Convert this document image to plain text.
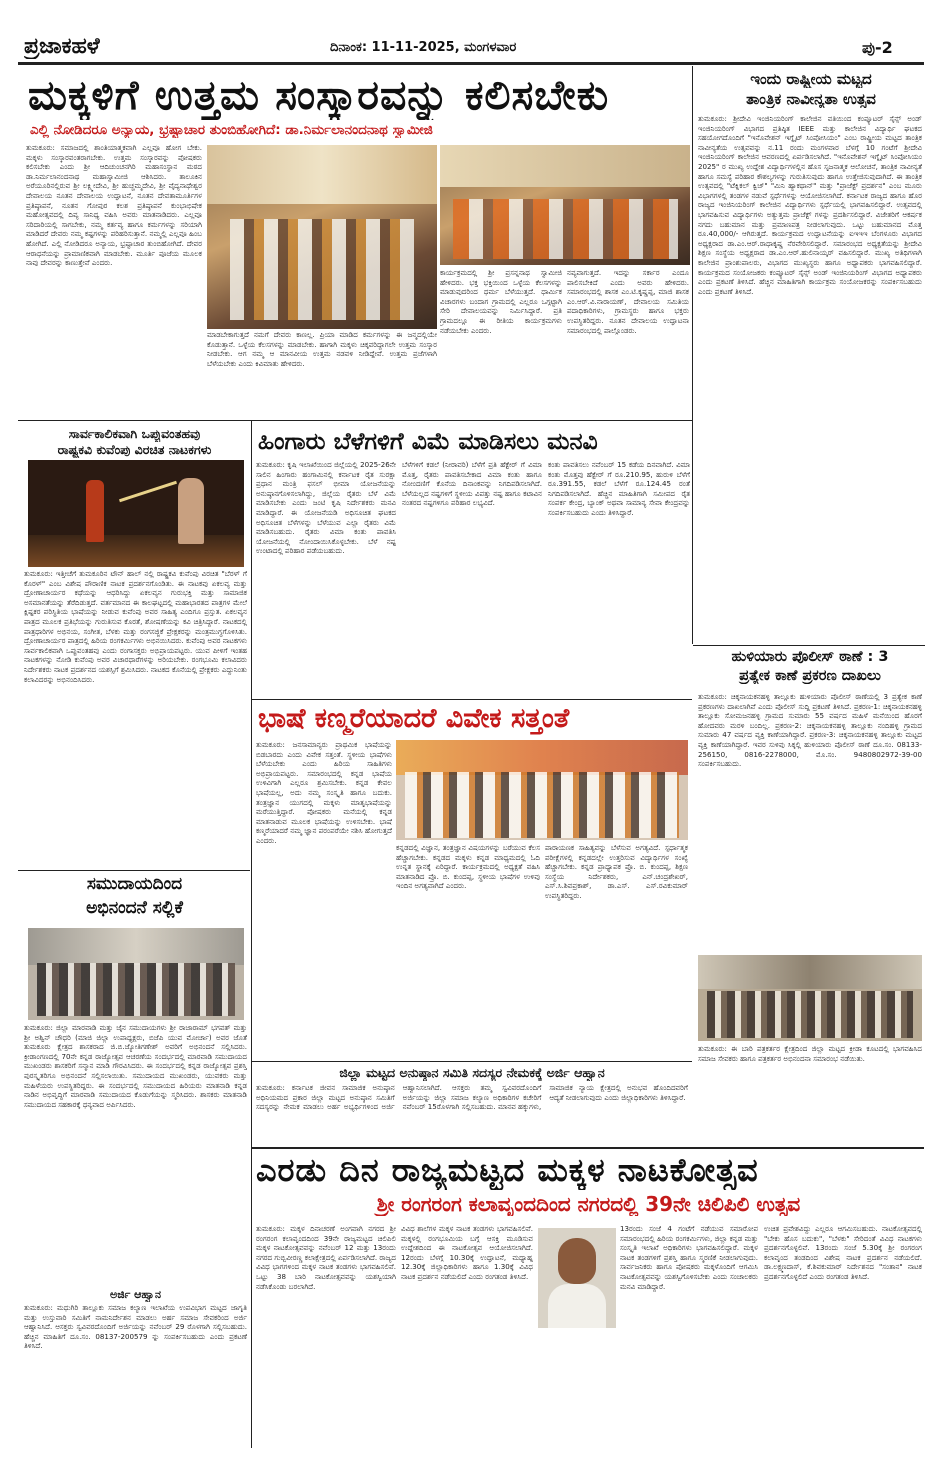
ಪ್ರಜಾಕಹಳೆ	ದಿನಾಂಕ: 11-11-2025, ಮಂಗಳವಾರ	ಪು-2
ಮಕ್ಕಳಿಗೆ ಉತ್ತಮ ಸಂಸ್ಕಾರವನ್ನು ಕಲಿಸಬೇಕು
ಎಲ್ಲಿ ನೋಡಿದರೂ ಅನ್ಯಾಯ, ಭ್ರಷ್ಟಾಚಾರ ತುಂಬಿಹೋಗಿದೆ: ಡಾ.ನಿರ್ಮಲಾನಂದನಾಥ ಸ್ವಾಮೀಜಿ
ತುಮಕೂರು: ಸಮಾಜದಲ್ಲಿ ಶಾಂತಿಯಾತ್ಮಕವಾಗಿ ಎಲ್ಲವೂ ಹೋಗ ಬೇಕು. ಮಕ್ಕಳು ಸಂಸ್ಕಾರವಂತರಾಗಬೇಕು. ಉತ್ತಮ ಸಂಸ್ಕಾರವನ್ನು ಪೋಷಕರು ಕಲಿಸಬೇಕು ಎಂದು ಶ್ರೀ ಆದಿಚುಂಚನಗಿರಿ ಮಹಾಸಂಸ್ಥಾನ ಮಠದ ಡಾ.ನಿರ್ಮಲಾನಂದನಾಥ ಮಹಾಸ್ವಾಮೀಜಿ ಆಶಿಸಿದರು. ತಾಲೂಕಿನ ಅರೆಯೂರಿನಲ್ಲಿರುವ ಶ್ರೀ ಲಕ್ಷ್ಮೀದೇವಿ, ಶ್ರೀ ಹುಚ್ಚಮ್ಮದೇವಿ, ಶ್ರೀ ವೈದ್ಯನಾಥೇಶ್ವರ ದೇವಾಲಯ ನೂತನ ದೇವಾಲಯ ಉದ್ಘಾಟನೆ, ನೂತನ ದೇವತಾಮೂರ್ತಿಗಳ ಪ್ರತಿಷ್ಠಾಪನೆ, ನೂತನ ಗೋಪುರ ಕಲಶ ಪ್ರತಿಷ್ಠಾಪನೆ ಕುಂಭಾಭಿಷೇಕ ಮಹೋತ್ಸವದಲ್ಲಿ ದಿವ್ಯ ಸಾನಿಧ್ಯ ವಹಿಸಿ ಅವರು ಮಾತನಾಡಿದರು. ಎಲ್ಲವೂ ಸರಿದಾರಿಯಲ್ಲಿ ಸಾಗಬೇಕು, ನಮ್ಮ ಕರ್ತವ್ಯ ಹಾಗೂ ಕರ್ಮಗಳನ್ನು ಸರಿಯಾಗಿ ಮಾಡಿದರೆ ದೇವರು ನಮ್ಮ ಕಷ್ಟಗಳನ್ನು ಪರಿಹರಿಸುತ್ತಾನೆ. ನಮ್ಮಲ್ಲಿ ಎಲ್ಲವೂ ಹಿಂಬ ಹೋಗಿದೆ. ಎಲ್ಲಿ ನೋಡಿದರೂ ಅನ್ಯಾಯ, ಭ್ರಷ್ಟಾಚಾರ ತುಂಬಿಹೋಗಿದೆ. ದೇವರ ಆರಾಧನೆಯನ್ನು ಪ್ರಾಮಾಣಿಕವಾಗಿ ಮಾಡಬೇಕು. ಮೂರ್ತಿ ಪೂಜೆಯ ಮೂಲಕ ನಾವು ದೇವರನ್ನು ಕಾಣುತ್ತೇವೆ ಎಂದರು.
ಮಾಡಬೇಕಾಗುತ್ತದೆ ನಮಗೆ ದೇವರು ಕಾಣಲ್ಲ. ಪ್ರಿಯಾ ಮಾಡಿದ ಕರ್ಮಗಳನ್ನು ಈ ಜನ್ಮದಲ್ಲಿಯೇ ಕೊಡುತ್ತಾನೆ. ಒಳ್ಳೆಯ ಕೆಲಸಗಳನ್ನು ಮಾಡಬೇಕು. ಹಾಗಾಗಿ ಮಕ್ಕಳು ಚಿಕ್ಕವರಿದ್ದಾಗಲೇ ಉತ್ತಮ ಸಂಸ್ಕಾರ ನೀಡಬೇಕು. ಆಗ ನಮ್ಮ ಆ ಮಾನವೀಯ ಉತ್ತಮ ನಡವಳಿ ನೀಡಿದ್ದೇವೆ. ಉತ್ತಮ ಪ್ರಜೆಗಳಾಗಿ ಬೆಳೆಯಬೇಕು ಎಂದು ಕಿವಿಮಾತು ಹೇಳಿದರು.
ಕಾರ್ಯಕ್ರಮದಲ್ಲಿ ಶ್ರೀ ಪ್ರಸನ್ನನಾಥ ಸ್ವಾಮೀಜಿ ಹೇಳಿದರು. ಭಕ್ತ ಭಕ್ತಿಯಿಂದ ಒಳ್ಳೆಯ ಕೆಲಸಗಳನ್ನು ಮಾಡುವುದರಿಂದ ಧರ್ಮ ಬೆಳೆಯುತ್ತದೆ. ಧಾರ್ಮಿಕ ವಿಚಾರಗಳು ಬಂದಾಗ ಗ್ರಾಮದಲ್ಲಿ ಎಲ್ಲರೂ ಒಗ್ಗಟ್ಟಾಗಿ ಸೇರಿ ದೇವಾಲಯವನ್ನು ನಿರ್ಮಿಸಿದ್ದಾರೆ. ಪ್ರತಿ ಗ್ರಾಮದಲ್ಲೂ ಈ ರೀತಿಯ ಕಾರ್ಯಕ್ರಮಗಳು ನಡೆಯಬೇಕು ಎಂದರು.
ನವ್ಯವಾಗುತ್ತದೆ. ಇದನ್ನು ಸರ್ಕಾರ ಎಂದೂ ಪಾಲಿಸಬೇಕಿದೆ ಎಂದು ಅವರು ಹೇಳಿದರು. ಸಮಾರಂಭದಲ್ಲಿ ಶಾಸಕ ಎಂ.ಟಿ.ಕೃಷ್ಣಪ್ಪ, ಮಾಜಿ ಶಾಸಕ ಎಂ.ಆರ್.ವಿ.ನಾರಾಯಣ್, ದೇವಾಲಯ ಸಮಿತಿಯ ಪದಾಧಿಕಾರಿಗಳು, ಗ್ರಾಮಸ್ಥರು ಹಾಗೂ ಭಕ್ತರು ಉಪಸ್ಥಿತರಿದ್ದರು. ನೂತನ ದೇವಾಲಯ ಉದ್ಘಾಟನಾ ಸಮಾರಂಭದಲ್ಲಿ ಪಾಲ್ಗೊಂಡರು.
ಇಂದು ರಾಷ್ಟ್ರೀಯ ಮಟ್ಟದ
ತಾಂತ್ರಿಕ ನಾವೀನ್ಯತಾ ಉತ್ಸವ
ತುಮಕೂರು: ಶ್ರೀದೇವಿ ಇಂಜಿನಿಯರಿಂಗ್ ಕಾಲೇಜಿನ ವತಿಯಿಂದ ಕಂಪ್ಯೂಟರ್ ಸೈನ್ಸ್ ಅಂಡ್ ಇಂಜಿನಿಯರಿಂಗ್ ವಿಭಾಗದ ಪ್ರತಿಷ್ಠಿತ IEEE ಮತ್ತು ಕಾಲೇಜಿನ ವಿದ್ಯಾರ್ಥಿ ಘಟಕದ ಸಹಯೋಗದೊಂದಿಗೆ "ಇನೊವೇಶನ್ ಇಗ್ನೈಟ್ ಸಿಂಪೋಸಿಯಂ" ಎಂಬ ರಾಷ್ಟ್ರೀಯ ಮಟ್ಟದ ತಾಂತ್ರಿಕ ನಾವೀನ್ಯತೆಯ ಉತ್ಸವವನ್ನು ನ.11 ರಂದು ಮಂಗಳವಾರ ಬೆಳಗ್ಗೆ 10 ಗಂಟೆಗೆ ಶ್ರೀದೇವಿ ಇಂಜಿನಿಯರಿಂಗ್ ಕಾಲೇಜಿನ ಆವರಣದಲ್ಲಿ ಏರ್ಪಡಿಸಲಾಗಿದೆ. "ಇನೊವೇಶನ್ ಇಗ್ನೈಟ್ ಸಿಂಪೋಸಿಯಂ 2025" ರ ಮುಖ್ಯ ಉದ್ದೇಶ ವಿದ್ಯಾರ್ಥಿಗಳಲ್ಲಿನ ಹೊಸ ಸೃಜನಾತ್ಮಕ ಆಲೋಚನೆ, ತಾಂತ್ರಿಕ ನಾವೀನ್ಯತೆ ಹಾಗೂ ಸಮಸ್ಯೆ ಪರಿಹಾರ ಕೌಶಲ್ಯಗಳನ್ನು ಗುರುತಿಸುವುದು ಹಾಗೂ ಉತ್ತೇಜಿಸುವುದಾಗಿದೆ. ಈ ತಾಂತ್ರಿಕ ಉತ್ಸವದಲ್ಲಿ "ಟೆಕ್ನಿಕಲ್ ಕ್ವಿಜ್" "ಮಿನಿ ಹ್ಯಾಕಥಾನ್" ಮತ್ತು "ಪ್ರಾಜೆಕ್ಟ್ ಪ್ರದರ್ಶನ" ಎಂಬ ಮೂರು ವಿಭಾಗಗಳಲ್ಲಿ ತಂಡಗಳ ನಡುವೆ ಸ್ಪರ್ಧೆಗಳನ್ನು ಆಯೋಜಿಸಲಾಗಿದೆ. ಕರ್ನಾಟಕ ರಾಜ್ಯದ ಹಾಗೂ ಹೊರ ರಾಜ್ಯದ ಇಂಜಿನಿಯರಿಂಗ್ ಕಾಲೇಜಿನ ವಿದ್ಯಾರ್ಥಿಗಳು ಸ್ಪರ್ಧೆಯಲ್ಲಿ ಭಾಗವಹಿಸಲಿದ್ದಾರೆ. ಉತ್ಸವದಲ್ಲಿ ಭಾಗವಹಿಸುವ ವಿದ್ಯಾರ್ಥಿಗಳು ಅತ್ಯುತ್ತಮ ಪ್ರಾಜೆಕ್ಟ್ ಗಳನ್ನು ಪ್ರದರ್ಶಿಸಲಿದ್ದಾರೆ. ವಿಜೇತರಿಗೆ ಆಕರ್ಷಕ ನಗದು ಬಹುಮಾನ ಮತ್ತು ಪ್ರಮಾಣಪತ್ರ ನೀಡಲಾಗುವುದು. ಒಟ್ಟು ಬಹುಮಾನದ ಮೊತ್ತ ರೂ.40,000/- ಆಗಿರುತ್ತದೆ. ಕಾರ್ಯಕ್ರಮದ ಉದ್ಘಾಟನೆಯನ್ನು ಐಇಇಇ ಬೆಂಗಳೂರು ವಿಭಾಗದ ಅಧ್ಯಕ್ಷರಾದ ಡಾ.ಎಂ.ಆರ್.ರಾಧಾಕೃಷ್ಣ ನೆರವೇರಿಸಲಿದ್ದಾರೆ. ಸಮಾರಂಭದ ಅಧ್ಯಕ್ಷತೆಯನ್ನು ಶ್ರೀದೇವಿ ಶಿಕ್ಷಣ ಸಂಸ್ಥೆಯ ಅಧ್ಯಕ್ಷರಾದ ಡಾ.ಎಂ.ಆರ್.ಹುಲಿನಾಯ್ಕರ್ ವಹಿಸಲಿದ್ದಾರೆ. ಮುಖ್ಯ ಅತಿಥಿಗಳಾಗಿ ಕಾಲೇಜಿನ ಪ್ರಾಂಶುಪಾಲರು, ವಿಭಾಗದ ಮುಖ್ಯಸ್ಥರು ಹಾಗೂ ಅಧ್ಯಾಪಕರು ಭಾಗವಹಿಸಲಿದ್ದಾರೆ. ಕಾರ್ಯಕ್ರಮದ ಸಂಯೋಜಕರು ಕಂಪ್ಯೂಟರ್ ಸೈನ್ಸ್ ಅಂಡ್ ಇಂಜಿನಿಯರಿಂಗ್ ವಿಭಾಗದ ಅಧ್ಯಾಪಕರು ಎಂದು ಪ್ರಕಟಣೆ ತಿಳಿಸಿದೆ. ಹೆಚ್ಚಿನ ಮಾಹಿತಿಗಾಗಿ ಕಾರ್ಯಕ್ರಮ ಸಂಯೋಜಕರನ್ನು ಸಂಪರ್ಕಿಸಬಹುದು ಎಂದು ಪ್ರಕಟಣೆ ತಿಳಿಸಿದೆ.
ಸಾರ್ವಕಾಲಿಕವಾಗಿ ಒಪ್ಪುವಂತಹವು
ರಾಷ್ಟ್ರಕವಿ ಕುವೆಂಪು ವಿರಚಿತ ನಾಟಕಗಳು
ತುಮಕೂರು: ಇತ್ತೀಚೆಗೆ ತುಮಕೂರಿನ ಟೌನ್ ಹಾಲ್ ನಲ್ಲಿ ರಾಷ್ಟ್ರಕವಿ ಕುವೆಂಪು ವಿರಚಿತ "ಬೆರಳ್ ಗೆ ಕೊರಳ್" ಎಂಬ ವಿಶೇಷ ಪೌರಾಣಿಕ ನಾಟಕ ಪ್ರದರ್ಶನಗೊಂಡಿತು. ಈ ನಾಟಕವು ಏಕಲವ್ಯ ಮತ್ತು ದ್ರೋಣಾಚಾರ್ಯರ ಕಥೆಯನ್ನು ಆಧರಿಸಿದ್ದು ಏಕಲವ್ಯನ ಗುರುಭಕ್ತಿ ಮತ್ತು ಸಾಮಾಜಿಕ ಅಸಮಾನತೆಯನ್ನು ತೆರೆದಿಡುತ್ತದೆ. ವರ್ತಮಾನದ ಈ ಕಾಲಘಟ್ಟದಲ್ಲಿ ಮಹಾಭಾರತದ ಪಾತ್ರಗಳ ಮೇಲೆ ಕ್ಲಿಷ್ಟಕರ ಪರಿಸ್ಥಿತಿಯ ಭಾಷೆಯನ್ನು ನೀಡುವ ಕುವೆಂಪು ಅವರ ಸಾಹಿತ್ಯ ಎಂದಿಗೂ ಪ್ರಸ್ತುತ. ಏಕಲವ್ಯನ ಪಾತ್ರದ ಮೂಲಕ ಪ್ರತಿಭೆಯನ್ನು ಗುರುತಿಸುವ ಕೊರತೆ, ಶೋಷಣೆಯನ್ನು ಕವಿ ಚಿತ್ರಿಸಿದ್ದಾರೆ. ನಾಟಕದಲ್ಲಿ ಪಾತ್ರಧಾರಿಗಳ ಅಭಿನಯ, ಸಂಗೀತ, ಬೆಳಕು ಮತ್ತು ರಂಗಸಜ್ಜಿಕೆ ಪ್ರೇಕ್ಷಕರನ್ನು ಮಂತ್ರಮುಗ್ಧಗೊಳಿಸಿತು. ದ್ರೋಣಾಚಾರ್ಯರ ಪಾತ್ರದಲ್ಲಿ ಹಿರಿಯ ರಂಗಕರ್ಮಿಗಳು ಅಭಿನಯಿಸಿದರು. ಕುವೆಂಪು ಅವರ ನಾಟಕಗಳು ಸಾರ್ವಕಾಲಿಕವಾಗಿ ಒಪ್ಪುವಂತಹವು ಎಂದು ರಂಗಾಸಕ್ತರು ಅಭಿಪ್ರಾಯಪಟ್ಟರು. ಯುವ ಪೀಳಿಗೆ ಇಂತಹ ನಾಟಕಗಳನ್ನು ನೋಡಿ ಕುವೆಂಪು ಅವರ ವಿಚಾರಧಾರೆಗಳನ್ನು ಅರಿಯಬೇಕು. ರಂಗಭೂಮಿ ಕಲಾವಿದರು ನಿರ್ದೇಶಕರು ನಾಟಕ ಪ್ರದರ್ಶನದ ಯಶಸ್ಸಿಗೆ ಶ್ರಮಿಸಿದರು. ನಾಟಕದ ಕೊನೆಯಲ್ಲಿ ಪ್ರೇಕ್ಷಕರು ಎದ್ದುನಿಂತು ಕಲಾವಿದರನ್ನು ಅಭಿನಂದಿಸಿದರು.
ಸಮುದಾಯದಿಂದ
ಅಭಿನಂದನೆ ಸಲ್ಲಿಕೆ
ತುಮಕೂರು: ಜಿಲ್ಲಾ ಮಾರವಾಡಿ ಮತ್ತು ಜೈನ ಸಮುದಾಯಗಳು ಶ್ರೀ ರಾಜಾರಾಮ್ ಭಗವತ್ ಮತ್ತು ಶ್ರೀ ಅಶ್ವಿನ್ ಚೌಧರಿ (ಮಾಜಿ ಜಿಲ್ಲಾ ಉಪಾಧ್ಯಕ್ಷರು, ಬಿಜೆಪಿ ಯುವ ಮೋರ್ಚಾ) ಅವರ ಜೊತೆ ತುಮಕೂರು ಕ್ಷೇತ್ರದ ಶಾಸಕರಾದ ಜಿ.ಬಿ.ಜ್ಯೋತಿಗಣೇಶ್ ಅವರಿಗೆ ಅಭಿನಂದನೆ ಸಲ್ಲಿಸಿದರು. ಕ್ರೀಡಾಂಗಣದಲ್ಲಿ 70ನೇ ಕನ್ನಡ ರಾಜ್ಯೋತ್ಸವ ಆಚರಣೆಯ ಸಂದರ್ಭದಲ್ಲಿ ಮಾರವಾಡಿ ಸಮುದಾಯದ ಮುಖಂಡರು ಶಾಸಕರಿಗೆ ಸನ್ಮಾನ ಮಾಡಿ ಗೌರವಿಸಿದರು. ಈ ಸಂದರ್ಭದಲ್ಲಿ ಕನ್ನಡ ರಾಜ್ಯೋತ್ಸವ ಪ್ರಶಸ್ತಿ ಪುರಸ್ಕೃತರಿಗೂ ಅಭಿನಂದನೆ ಸಲ್ಲಿಸಲಾಯಿತು. ಸಮುದಾಯದ ಮುಖಂಡರು, ಯುವಕರು ಮತ್ತು ಮಹಿಳೆಯರು ಉಪಸ್ಥಿತರಿದ್ದರು. ಈ ಸಂದರ್ಭದಲ್ಲಿ ಸಮುದಾಯದ ಹಿರಿಯರು ಮಾತನಾಡಿ ಕನ್ನಡ ನಾಡಿನ ಅಭಿವೃದ್ಧಿಗೆ ಮಾರವಾಡಿ ಸಮುದಾಯದ ಕೊಡುಗೆಯನ್ನು ಸ್ಮರಿಸಿದರು. ಶಾಸಕರು ಮಾತನಾಡಿ ಸಮುದಾಯದ ಸಹಕಾರಕ್ಕೆ ಧನ್ಯವಾದ ಅರ್ಪಿಸಿದರು.
ಅರ್ಜಿ ಆಹ್ವಾನ
ತುಮಕೂರು: ಮಧುಗಿರಿ ತಾಲ್ಲೂಕು ಸಮಾಜ ಕಲ್ಯಾಣ ಇಲಾಖೆಯ ಉಪವಿಭಾಗ ಮಟ್ಟದ ಜಾಗೃತಿ ಮತ್ತು ಉಸ್ತುವಾರಿ ಸಮಿತಿಗೆ ನಾಮನಿರ್ದೇಶನ ಮಾಡಲು ಅರ್ಹ ಸಮಾಜ ಸೇವಕರಿಂದ ಅರ್ಜಿ ಆಹ್ವಾನಿಸಿದೆ. ಆಸಕ್ತರು ಸ್ವವಿವರದೊಂದಿಗೆ ಅರ್ಜಿಯನ್ನು ನವೆಂಬರ್ 29 ರೊಳಗಾಗಿ ಸಲ್ಲಿಸಬಹುದು. ಹೆಚ್ಚಿನ ಮಾಹಿತಿಗೆ ದೂ.ಸಂ. 08137-200579 ನ್ನು ಸಂಪರ್ಕಿಸಬಹುದು ಎಂದು ಪ್ರಕಟಣೆ ತಿಳಿಸಿದೆ.
ಹಿಂಗಾರು ಬೆಳೆಗಳಿಗೆ ವಿಮೆ ಮಾಡಿಸಲು ಮನವಿ
ತುಮಕೂರು: ಕೃಷಿ ಇಲಾಖೆಯಿಂದ ಜಿಲ್ಲೆಯಲ್ಲಿ 2025-26ನೇ ಸಾಲಿನ ಹಿಂಗಾರು ಹಂಗಾಮಿನಲ್ಲಿ ಕರ್ನಾಟಕ ರೈತ ಸುರಕ್ಷಾ ಪ್ರಧಾನ ಮಂತ್ರಿ ಫಸಲ್ ಭೀಮಾ ಯೋಜನೆಯನ್ನು ಅನುಷ್ಠಾನಗೊಳಿಸಲಾಗಿದ್ದು, ಜಿಲ್ಲೆಯ ರೈತರು ಬೆಳೆ ವಿಮೆ ಮಾಡಿಸಬೇಕು ಎಂದು ಜಂಟಿ ಕೃಷಿ ನಿರ್ದೇಶಕರು ಮನವಿ ಮಾಡಿದ್ದಾರೆ. ಈ ಯೋಜನೆಯಡಿ ಅಧಿಸೂಚಿತ ಘಟಕದ ಅಧಿಸೂಚಿತ ಬೆಳೆಗಳನ್ನು ಬೆಳೆಯುವ ಎಲ್ಲಾ ರೈತರು ವಿಮೆ ಮಾಡಿಸಬಹುದು. ರೈತರು ವಿಮಾ ಕಂತು ಪಾವತಿಸಿ ಯೋಜನೆಯಲ್ಲಿ ನೋಂದಾಯಿಸಿಕೊಳ್ಳಬೇಕು. ಬೆಳೆ ನಷ್ಟ ಉಂಟಾದಲ್ಲಿ ಪರಿಹಾರ ಪಡೆಯಬಹುದು.
ಬೆಳೆಗಳಿಗೆ ಕಡಲೆ (ನೀರಾವರಿ) ಬೆಳೆಗೆ ಪ್ರತಿ ಹೆಕ್ಟೇರ್ ಗೆ ವಿಮಾ ಮೊತ್ತ, ರೈತರು ಪಾವತಿಸಬೇಕಾದ ವಿಮಾ ಕಂತು ಹಾಗೂ ನೋಂದಣಿಗೆ ಕೊನೆಯ ದಿನಾಂಕವನ್ನು ನಿಗದಿಪಡಿಸಲಾಗಿದೆ. ಬೆಳೆಯಲ್ಲದ ನಷ್ಟಗಳಿಗೆ ಸ್ಥಳೀಯ ವಿಪತ್ತು ನಷ್ಟ ಹಾಗೂ ಕಟಾವಿನ ನಂತರದ ನಷ್ಟಗಳಿಗೂ ಪರಿಹಾರ ಲಭ್ಯವಿದೆ.
ಕಂತು ಪಾವತಿಸಲು ನವೆಂಬರ್ 15 ಕಡೆಯ ದಿನವಾಗಿದೆ. ವಿಮಾ ಕಂತು ಮೊತ್ತವು ಹೆಕ್ಟೇರ್ ಗೆ ರೂ.210.95, ಹುರುಳಿ ಬೆಳೆಗೆ ರೂ.391.55, ಕಡಲೆ ಬೆಳೆಗೆ ರೂ.124.45 ರಂತೆ ನಿಗದಿಪಡಿಸಲಾಗಿದೆ. ಹೆಚ್ಚಿನ ಮಾಹಿತಿಗಾಗಿ ಸಮೀಪದ ರೈತ ಸಂಪರ್ಕ ಕೇಂದ್ರ, ಬ್ಯಾಂಕ್ ಅಥವಾ ಸಾಮಾನ್ಯ ಸೇವಾ ಕೇಂದ್ರವನ್ನು ಸಂಪರ್ಕಿಸಬಹುದು ಎಂದು ತಿಳಿಸಿದ್ದಾರೆ.
ಭಾಷೆ ಕಣ್ಮರೆಯಾದರೆ ವಿವೇಕ ಸತ್ತಂತೆ
ತುಮಕೂರು: ಜನಸಾಮಾನ್ಯರು ಪ್ರಾಥಮಿಕ ಭಾಷೆಯನ್ನು ಬಿಡಬಾರದು ಎಂದು ವಿವೇಕ ಸತ್ತಂತೆ. ಸ್ಥಳೀಯ ಭಾಷೆಗಳು ಬೆಳೆಯಬೇಕು ಎಂದು ಹಿರಿಯ ಸಾಹಿತಿಗಳು ಅಭಿಪ್ರಾಯಪಟ್ಟರು. ಸಮಾರಂಭದಲ್ಲಿ ಕನ್ನಡ ಭಾಷೆಯ ಉಳಿವಿಗಾಗಿ ಎಲ್ಲರೂ ಶ್ರಮಿಸಬೇಕು. ಕನ್ನಡ ಕೇವಲ ಭಾಷೆಯಲ್ಲ, ಅದು ನಮ್ಮ ಸಂಸ್ಕೃತಿ ಹಾಗೂ ಬದುಕು. ತಂತ್ರಜ್ಞಾನ ಯುಗದಲ್ಲಿ ಮಕ್ಕಳು ಮಾತೃಭಾಷೆಯನ್ನು ಮರೆಯುತ್ತಿದ್ದಾರೆ. ಪೋಷಕರು ಮನೆಯಲ್ಲಿ ಕನ್ನಡ ಮಾತನಾಡುವ ಮೂಲಕ ಭಾಷೆಯನ್ನು ಉಳಿಸಬೇಕು. ಭಾಷೆ ಕಣ್ಮರೆಯಾದರೆ ನಮ್ಮ ಜ್ಞಾನ ಪರಂಪರೆಯೇ ನಶಿಸಿ ಹೋಗುತ್ತದೆ ಎಂದರು.
ಕನ್ನಡದಲ್ಲಿ ವಿಜ್ಞಾನ, ತಂತ್ರಜ್ಞಾನ ವಿಷಯಗಳನ್ನು ಬರೆಯುವ ಕೆಲಸ ಹೆಚ್ಚಾಗಬೇಕು. ಕನ್ನಡದ ಮಕ್ಕಳು ಕನ್ನಡ ಮಾಧ್ಯಮದಲ್ಲಿ ಓದಿ ಉನ್ನತ ಸ್ಥಾನಕ್ಕೆ ಏರಿದ್ದಾರೆ. ಕಾರ್ಯಕ್ರಮದಲ್ಲಿ ಅಧ್ಯಕ್ಷತೆ ವಹಿಸಿ ಮಾತನಾಡಿದ ಪ್ರೊ. ಬಿ. ಕುಂದಪ್ಪ, ಸ್ಥಳೀಯ ಭಾಷೆಗಳ ಉಳಿವು ಇಂದಿನ ಅಗತ್ಯವಾಗಿದೆ ಎಂದರು.
ಪಾರಾಯಣಕ ಸಾಹಿತ್ಯವನ್ನು ಬೆಳೆಸುವ ಅಗತ್ಯವಿದೆ. ಸ್ಪರ್ಧಾತ್ಮಕ ಪರೀಕ್ಷೆಗಳಲ್ಲಿ ಕನ್ನಡದಲ್ಲೇ ಉತ್ತರಿಸುವ ವಿದ್ಯಾರ್ಥಿಗಳ ಸಂಖ್ಯೆ ಹೆಚ್ಚಾಗಬೇಕು. ಕನ್ನಡ ಪ್ರಾಧ್ಯಾಪಕ ಪ್ರೊ. ಬಿ. ಕುಂದಪ್ಪ, ಶಿಕ್ಷಣ ಸಂಸ್ಥೆಯ ನಿರ್ದೇಶಕರು, ಎನ್.ಚಂದ್ರಶೇಖರ್, ಎಸ್.ಸಿ.ಶಿವಪ್ರಕಾಶ್, ಡಾ.ಎಸ್. ಎಸ್.ರವಿಕುಮಾರ್ ಉಪಸ್ಥಿತರಿದ್ದರು.
ಜಿಲ್ಲಾ ಮಟ್ಟದ ಅನುಷ್ಠಾನ ಸಮಿತಿ ಸದಸ್ಯರ ನೇಮಕಕ್ಕೆ ಅರ್ಜಿ ಆಹ್ವಾನ
ತುಮಕೂರು: ಕರ್ನಾಟಕ ಜೀವನ ಸಾಮಾಜಿಕ ಅನುಷ್ಠಾನ ಅಧಿನಿಯಮದ ಪ್ರಕಾರ ಜಿಲ್ಲಾ ಮಟ್ಟದ ಅನುಷ್ಠಾನ ಸಮಿತಿಗೆ ಸದಸ್ಯರನ್ನು ನೇಮಕ ಮಾಡಲು ಅರ್ಹ ಅಭ್ಯರ್ಥಿಗಳಿಂದ ಅರ್ಜಿ ಆಹ್ವಾನಿಸಲಾಗಿದೆ. ಆಸಕ್ತರು ತಮ್ಮ ಸ್ವವಿವರದೊಂದಿಗೆ ಅರ್ಜಿಯನ್ನು ಜಿಲ್ಲಾ ಸಮಾಜ ಕಲ್ಯಾಣ ಅಧಿಕಾರಿಗಳ ಕಚೇರಿಗೆ ನವೆಂಬರ್ 15ರೊಳಗಾಗಿ ಸಲ್ಲಿಸಬಹುದು. ಮಾನವ ಹಕ್ಕುಗಳು, ಸಾಮಾಜಿಕ ನ್ಯಾಯ ಕ್ಷೇತ್ರದಲ್ಲಿ ಅನುಭವ ಹೊಂದಿದವರಿಗೆ ಆದ್ಯತೆ ನೀಡಲಾಗುವುದು ಎಂದು ಜಿಲ್ಲಾಧಿಕಾರಿಗಳು ತಿಳಿಸಿದ್ದಾರೆ.
ಹುಳಿಯಾರು ಪೊಲೀಸ್ ಠಾಣೆ : 3
ಪ್ರತ್ಯೇಕ ಕಾಣೆ ಪ್ರಕರಣ ದಾಖಲು
ತುಮಕೂರು: ಚಿಕ್ಕನಾಯಕನಹಳ್ಳಿ ತಾಲ್ಲೂಕು ಹುಳಿಯಾರು ಪೊಲೀಸ್ ಠಾಣೆಯಲ್ಲಿ 3 ಪ್ರತ್ಯೇಕ ಕಾಣೆ ಪ್ರಕರಣಗಳು ದಾಖಲಾಗಿವೆ ಎಂದು ಪೊಲೀಸ್ ಸುದ್ದಿ ಪ್ರಕಟಣೆ ತಿಳಿಸಿದೆ. ಪ್ರಕರಣ-1: ಚಿಕ್ಕನಾಯಕನಹಳ್ಳಿ ತಾಲ್ಲೂಕು ಸೋಮಜನಹಳ್ಳಿ ಗ್ರಾಮದ ಸುಮಾರು 55 ವರ್ಷದ ಮಹಿಳೆ ಮನೆಯಿಂದ ಹೊರಗೆ ಹೋದವರು ಮರಳಿ ಬಂದಿಲ್ಲ. ಪ್ರಕರಣ-2: ಚಿಕ್ಕನಾಯಕನಹಳ್ಳಿ ತಾಲ್ಲೂಕು ನಂದಿಹಳ್ಳಿ ಗ್ರಾಮದ ಸುಮಾರು 47 ವರ್ಷದ ವ್ಯಕ್ತಿ ಕಾಣೆಯಾಗಿದ್ದಾರೆ. ಪ್ರಕರಣ-3: ಚಿಕ್ಕನಾಯಕನಹಳ್ಳಿ ತಾಲ್ಲೂಕು ಮಟ್ಟದ ವ್ಯಕ್ತಿ ಕಾಣೆಯಾಗಿದ್ದಾರೆ. ಇವರ ಸುಳಿವು ಸಿಕ್ಕಲ್ಲಿ ಹುಳಿಯಾರು ಪೊಲೀಸ್ ಠಾಣೆ ದೂ.ಸಂ. 08133-256150, 0816-2278000, ಮೊ.ಸಂ. 9480802972-39-00 ಸಂಪರ್ಕಿಸಬಹುದು.
ತುಮಕೂರು: ಈ ಬಾರಿ ಪತ್ರಕರ್ತರ ಕ್ಷೇತ್ರದಿಂದ ಜಿಲ್ಲಾ ಮಟ್ಟದ ಕ್ರೀಡಾ ಕೂಟದಲ್ಲಿ ಭಾಗವಹಿಸಿದ ಸಮಾಜ ಸೇವಕರು ಹಾಗೂ ಪತ್ರಕರ್ತರ ಅಭಿನಂದನಾ ಸಮಾರಂಭ ನಡೆಯಿತು.
ಎರಡು ದಿನ ರಾಜ್ಯಮಟ್ಟದ ಮಕ್ಕಳ ನಾಟಕೋತ್ಸವ
ಶ್ರೀ ರಂಗರಂಗ ಕಲಾವೃಂದದಿಂದ ನಗರದಲ್ಲಿ 39ನೇ ಚಿಲಿಪಿಲಿ ಉತ್ಸವ
ತುಮಕೂರು: ಮಕ್ಕಳ ದಿನಾಚರಣೆ ಅಂಗವಾಗಿ ನಗರದ ಶ್ರೀ ರಂಗರಂಗ ಕಲಾವೃಂದದಿಂದ 39ನೇ ರಾಜ್ಯಮಟ್ಟದ ಚಿಲಿಪಿಲಿ ಮಕ್ಕಳ ನಾಟಕೋತ್ಸವವನ್ನು ನವೆಂಬರ್ 12 ಮತ್ತು 13ರಂದು ನಗರದ ಗುಬ್ಬಿವೀರಣ್ಣ ಕಲಾಕ್ಷೇತ್ರದಲ್ಲಿ ಏರ್ಪಡಿಸಲಾಗಿದೆ. ರಾಜ್ಯದ ವಿವಿಧ ಭಾಗಗಳಿಂದ ಮಕ್ಕಳ ನಾಟಕ ತಂಡಗಳು ಭಾಗವಹಿಸಲಿವೆ. ಒಟ್ಟು 38 ಬಾರಿ ನಾಟಕೋತ್ಸವವನ್ನು ಯಶಸ್ವಿಯಾಗಿ ನಡೆಸಿಕೊಂಡು ಬರಲಾಗಿದೆ.
ವಿವಿಧ ಶಾಲೆಗಳ ಮಕ್ಕಳ ನಾಟಕ ತಂಡಗಳು ಭಾಗವಹಿಸಲಿವೆ. ಮಕ್ಕಳಲ್ಲಿ ರಂಗಭೂಮಿಯ ಬಗ್ಗೆ ಆಸಕ್ತಿ ಮೂಡಿಸುವ ಉದ್ದೇಶದಿಂದ ಈ ನಾಟಕೋತ್ಸವ ಆಯೋಜಿಸಲಾಗಿದೆ. 12ರಂದು ಬೆಳಗ್ಗೆ 10.30ಕ್ಕೆ ಉದ್ಘಾಟನೆ, ಮಧ್ಯಾಹ್ನ 12.30ಕ್ಕೆ ಜಿಲ್ಲಾಧಿಕಾರಿಗಳು ಹಾಗೂ 1.30ಕ್ಕೆ ವಿವಿಧ ನಾಟಕ ಪ್ರದರ್ಶನ ನಡೆಯಲಿದೆ ಎಂದು ರಂಗತಂಡ ತಿಳಿಸಿದೆ.
13ರಂದು ಸಂಜೆ 4 ಗಂಟೆಗೆ ನಡೆಯುವ ಸಮಾರೋಪ ಸಮಾರಂಭದಲ್ಲಿ ಹಿರಿಯ ರಂಗಕರ್ಮಿಗಳು, ಜಿಲ್ಲಾ ಕನ್ನಡ ಮತ್ತು ಸಂಸ್ಕೃತಿ ಇಲಾಖೆ ಅಧಿಕಾರಿಗಳು ಭಾಗವಹಿಸಲಿದ್ದಾರೆ. ಮಕ್ಕಳ ನಾಟಕ ತಂಡಗಳಿಗೆ ಪ್ರಶಸ್ತಿ ಹಾಗೂ ಸ್ಮರಣಿಕೆ ನೀಡಲಾಗುವುದು. ಸಾರ್ವಜನಿಕರು ಹಾಗೂ ಪೋಷಕರು ಮಕ್ಕಳೊಂದಿಗೆ ಆಗಮಿಸಿ ನಾಟಕೋತ್ಸವವನ್ನು ಯಶಸ್ವಿಗೊಳಿಸಬೇಕು ಎಂದು ಸಂಚಾಲಕರು ಮನವಿ ಮಾಡಿದ್ದಾರೆ.
ಉಚಿತ ಪ್ರವೇಶವಿದ್ದು ಎಲ್ಲರೂ ಆಗಮಿಸಬಹುದು. ನಾಟಕೋತ್ಸವದಲ್ಲಿ "ಬೇಕು ಹೊಸ ಬದುಕು", "ಬೆಳಕು" ಸೇರಿದಂತೆ ವಿವಿಧ ನಾಟಕಗಳು ಪ್ರದರ್ಶನಗೊಳ್ಳಲಿವೆ. 13ರಂದು ಸಂಜೆ 5.30ಕ್ಕೆ ಶ್ರೀ ರಂಗರಂಗ ಕಲಾವೃಂದ ತಂಡದಿಂದ ವಿಶೇಷ ನಾಟಕ ಪ್ರದರ್ಶನ ನಡೆಯಲಿದೆ. ಡಾ.ಲಕ್ಷ್ಮಣದಾಸ್, ಕೆ.ಶಿವಕುಮಾರ್ ನಿರ್ದೇಶನದ "ಸಂತಾನ" ನಾಟಕ ಪ್ರದರ್ಶನಗೊಳ್ಳಲಿದೆ ಎಂದು ರಂಗತಂಡ ತಿಳಿಸಿದೆ.
